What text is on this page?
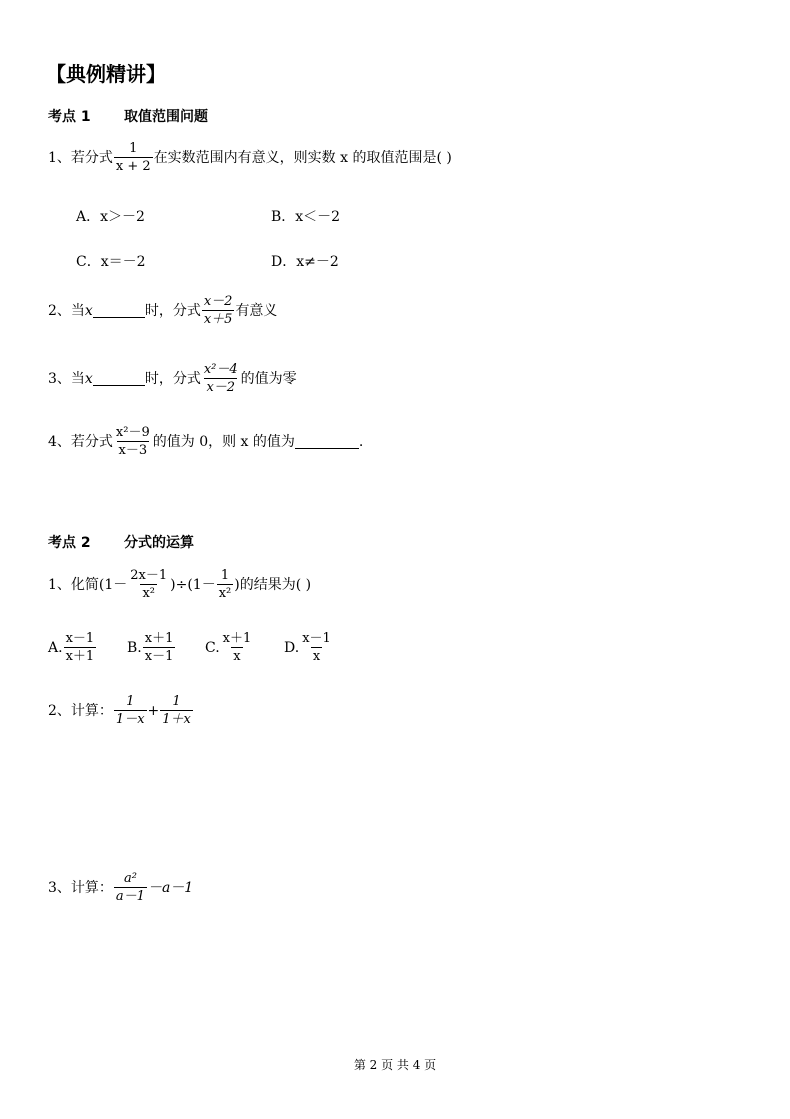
【典例精讲】
考点 1 取值范围问题
1、若分式 $\frac{1}{x + 2}$ 在实数范围内有意义，则实数 x 的取值范围是( )
A．x＞－2	B．x＜－2
C．x＝－2	D．x≠－2
2、当 x	时，分式 $\frac{x-2}{x+5}$ 有意义
3、当 x	时，分式 $\frac{\text{x²－4}}{x-2}$ 的值为零
4、若分式 $\frac{\text{x²－9}}{x-3}$ 的值为 0，则 x 的值为	.
考点 2 分式的运算
1、化简$(1- \frac{2x-1}{\text{x²}} )\div(1- \frac{1}{\text{x²}}$ )的结果为( )
A. $\frac{x-1}{x+1} B$. $\frac{x+1}{x-1} C$. $\frac{x+1}{x} D$. $\frac{x-1}{x}$
2、计算： $\frac{1}{1-x} + \frac{1}{1+x}$
3、计算： $\frac{\text{a²}}{a-1} -a-1$
第 2 页 共 4 页
